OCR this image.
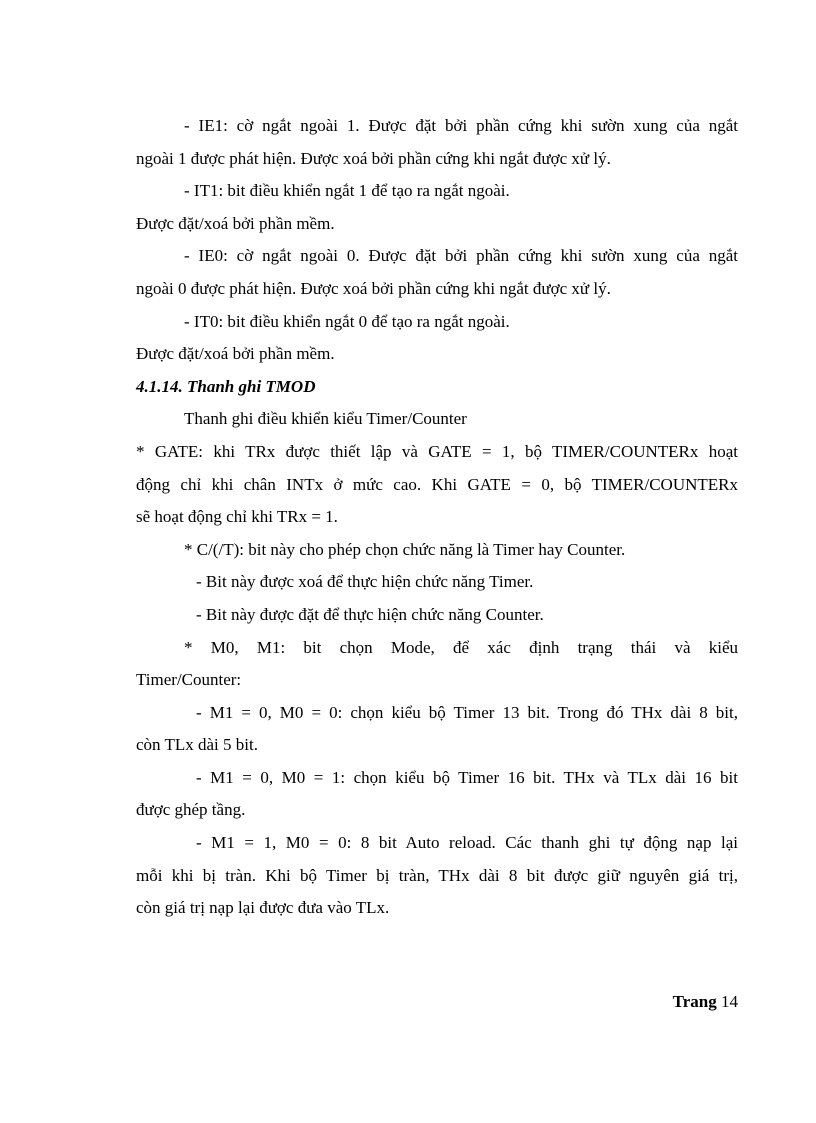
- IE1: cờ ngắt ngoài 1. Được đặt bởi phần cứng khi sườn xung của ngắt
ngoài 1 được phát hiện. Được xoá bởi phần cứng khi ngắt được xử lý.
- IT1: bit điều khiển ngắt 1 để tạo ra ngắt ngoài.
Được đặt/xoá bởi phần mềm.
- IE0: cờ ngắt ngoài 0. Được đặt bởi phần cứng khi sườn xung của ngắt
ngoài 0 được phát hiện. Được xoá bởi phần cứng khi ngắt được xử lý.
- IT0: bit điều khiển ngắt 0 để tạo ra ngắt ngoài.
Được đặt/xoá bởi phần mềm.
4.1.14. Thanh ghi TMOD
Thanh ghi điều khiển kiểu Timer/Counter
* GATE: khi TRx được thiết lập và GATE = 1, bộ TIMER/COUNTERx hoạt
động chỉ khi chân INTx ở mức cao. Khi GATE = 0, bộ TIMER/COUNTERx
sẽ hoạt động chỉ khi TRx = 1.
* C/(/T): bit này cho phép chọn chức năng là Timer hay Counter.
- Bit này được xoá để thực hiện chức năng Timer.
- Bit này được đặt để thực hiện chức năng Counter.
* M0, M1: bit chọn Mode, để xác định trạng thái và kiểu
Timer/Counter:
- M1 = 0, M0 = 0: chọn kiểu bộ Timer 13 bit. Trong đó THx dài 8 bit,
còn TLx dài 5 bit.
- M1 = 0, M0 = 1: chọn kiểu bộ Timer 16 bit. THx và TLx dài 16 bit
được ghép tầng.
- M1 = 1, M0 = 0: 8 bit Auto reload. Các thanh ghi tự động nạp lại
mỗi khi bị tràn. Khi bộ Timer bị tràn, THx dài 8 bit được giữ nguyên giá trị,
còn giá trị nạp lại được đưa vào TLx.
Trang 14
